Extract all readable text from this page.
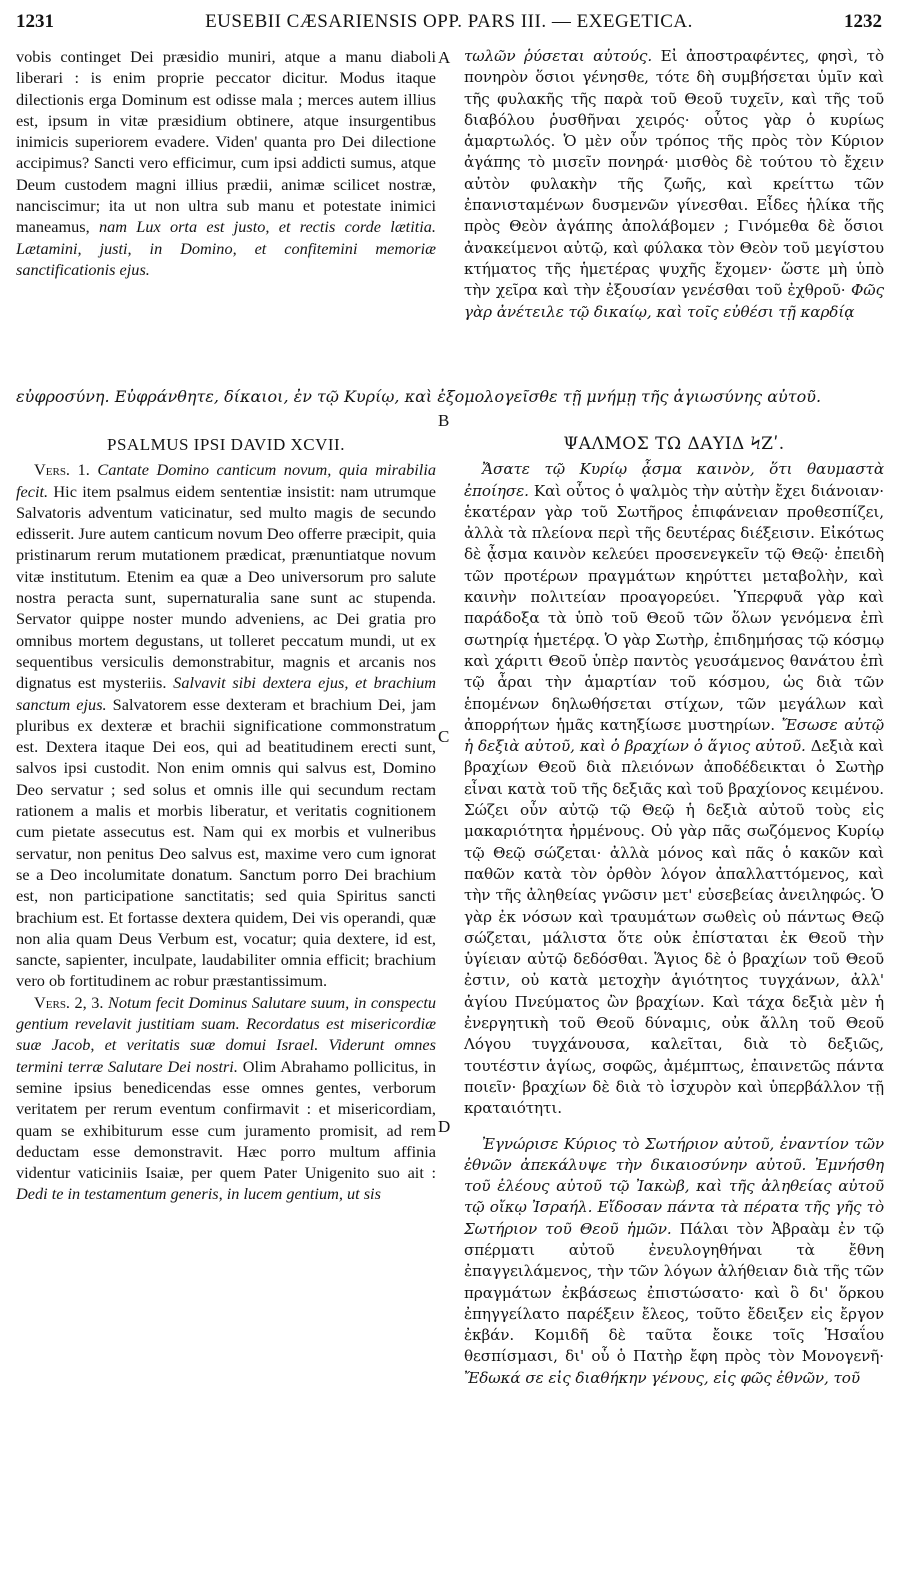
1231	EUSEBII CÆSARIENSIS OPP. PARS III. — EXEGETICA.	1232
A
B
C
D

vobis continget Dei præsidio muniri, atque a manu diaboli liberari : is enim proprie peccator dicitur. Modus itaque dilectionis erga Dominum est odisse mala ; merces autem illius est, ipsum in vitæ præsidium obtinere, atque insurgentibus inimicis superiorem evadere. Viden' quanta pro Dei dilectione accipimus? Sancti vero efficimur, cum ipsi addicti sumus, atque Deum custodem magni illius prædii, animæ scilicet nostræ, nanciscimur; ita ut non ultra sub manu et potestate inimici maneamus, nam Lux orta est justo, et rectis corde lætitia. Lætamini, justi, in Domino, et confitemini memoriæ sanctificationis ejus.

τωλῶν ῥύσεται αὐτούς. Εἰ ἀποστραφέντες, φησὶ, τὸ πονηρὸν ὅσιοι γένησθε, τότε δὴ συμβήσεται ὑμῖν καὶ τῆς φυλακῆς τῆς παρὰ τοῦ Θεοῦ τυχεῖν, καὶ τῆς τοῦ διαβόλου ῥυσθῆναι χειρός· οὗτος γὰρ ὁ κυρίως ἁμαρτωλός. Ὁ μὲν οὖν τρόπος τῆς πρὸς τὸν Κύριον ἀγάπης τὸ μισεῖν πονηρά· μισθὸς δὲ τούτου τὸ ἔχειν αὐτὸν φυλακὴν τῆς ζωῆς, καὶ κρείττω τῶν ἐπανισταμένων δυσμενῶν γίνεσθαι. Εἶδες ἡλίκα τῆς πρὸς Θεὸν ἀγάπης ἀπολάβομεν ; Γινόμεθα δὲ ὅσιοι ἀνακείμενοι αὐτῷ, καὶ φύλακα τὸν Θεὸν τοῦ μεγίστου κτήματος τῆς ἡμετέρας ψυχῆς ἔχομεν· ὥστε μὴ ὑπὸ τὴν χεῖρα καὶ τὴν ἐξουσίαν γενέσθαι τοῦ ἐχθροῦ· Φῶς γὰρ ἀνέτειλε τῷ δικαίῳ, καὶ τοῖς εὐθέσι τῇ καρδίᾳ

εὐφροσύνη. Εὐφράνθητε, δίκαιοι, ἐν τῷ Κυρίῳ, καὶ ἐξομολογεῖσθε τῇ μνήμῃ τῆς ἁγιωσύνης αὐτοῦ.

PSALMUS IPSI DAVID XCVII.

Vers. 1. Cantate Domino canticum novum, quia mirabilia fecit. Hic item psalmus eidem sententiæ insistit: nam utrumque Salvatoris adventum vaticinatur, sed multo magis de secundo edisserit. Jure autem canticum novum Deo offerre præcipit, quia pristinarum rerum mutationem prædicat, prænuntiatque novum vitæ institutum. Etenim ea quæ a Deo universorum pro salute nostra peracta sunt, supernaturalia sane sunt ac stupenda. Servator quippe noster mundo adveniens, ac Dei gratia pro omnibus mortem degustans, ut tolleret peccatum mundi, ut ex sequentibus versiculis demonstrabitur, magnis et arcanis nos dignatus est mysteriis. Salvavit sibi dextera ejus, et brachium sanctum ejus. Salvatorem esse dexteram et brachium Dei, jam pluribus ex dexteræ et brachii significatione commonstratum est. Dextera itaque Dei eos, qui ad beatitudinem erecti sunt, salvos ipsi custodit. Non enim omnis qui salvus est, Domino Deo servatur ; sed solus et omnis ille qui secundum rectam rationem a malis et morbis liberatur, et veritatis cognitionem cum pietate assecutus est. Nam qui ex morbis et vulneribus servatur, non penitus Deo salvus est, maxime vero cum ignorat se a Deo incolumitate donatum. Sanctum porro Dei brachium est, non participatione sanctitatis; sed quia Spiritus sancti brachium est. Et fortasse dextera quidem, Dei vis operandi, quæ non alia quam Deus Verbum est, vocatur; quia dextere, id est, sancte, sapienter, inculpate, laudabiliter omnia efficit; brachium vero ob fortitudinem ac robur præstantissimum.

Vers. 2, 3. Notum fecit Dominus Salutare suum, in conspectu gentium revelavit justitiam suam. Recordatus est misericordiæ suæ Jacob, et veritatis suæ domui Israel. Viderunt omnes termini terræ Salutare Dei nostri. Olim Abrahamo pollicitus, in semine ipsius benedicendas esse omnes gentes, verborum veritatem per rerum eventum confirmavit : et misericordiam, quam se exhibiturum esse cum juramento promisit, ad rem deductam esse demonstravit. Hæc porro multum affinia videntur vaticiniis Isaiæ, per quem Pater Unigenito suo ait : Dedi te in testamentum generis, in lucem gentium, ut sis

ΨΑΛΜΟΣ ΤΩ ΔΑΥΙΔ ϞΖʹ.

Ἄσατε τῷ Κυρίῳ ᾆσμα καινὸν, ὅτι θαυμαστὰ ἐποίησε. Καὶ οὗτος ὁ ψαλμὸς τὴν αὐτὴν ἔχει διάνοιαν· ἑκατέραν γὰρ τοῦ Σωτῆρος ἐπιφάνειαν προθεσπίζει, ἀλλὰ τὰ πλείονα περὶ τῆς δευτέρας διέξεισιν. Εἰκότως δὲ ᾆσμα καινὸν κελεύει προσενεγκεῖν τῷ Θεῷ· ἐπειδὴ τῶν προτέρων πραγμάτων κηρύττει μεταβολὴν, καὶ καινὴν πολιτείαν προαγορεύει. Ὑπερφυᾶ γὰρ καὶ παράδοξα τὰ ὑπὸ τοῦ Θεοῦ τῶν ὅλων γενόμενα ἐπὶ σωτηρίᾳ ἡμετέρᾳ. Ὁ γὰρ Σωτὴρ, ἐπιδημήσας τῷ κόσμῳ καὶ χάριτι Θεοῦ ὑπὲρ παντὸς γευσάμενος θανάτου ἐπὶ τῷ ἆραι τὴν ἁμαρτίαν τοῦ κόσμου, ὡς διὰ τῶν ἑπομένων δηλωθήσεται στίχων, τῶν μεγάλων καὶ ἀπορρήτων ἡμᾶς κατηξίωσε μυστηρίων. Ἔσωσε αὐτῷ ἡ δεξιὰ αὐτοῦ, καὶ ὁ βραχίων ὁ ἅγιος αὐτοῦ. Δεξιὰ καὶ βραχίων Θεοῦ διὰ πλειόνων ἀποδέδεικται ὁ Σωτὴρ εἶναι κατὰ τοῦ τῆς δεξιᾶς καὶ τοῦ βραχίονος κειμένου. Σώζει οὖν αὐτῷ τῷ Θεῷ ἡ δεξιὰ αὐτοῦ τοὺς εἰς μακαριότητα ἠρμένους. Οὐ γὰρ πᾶς σωζόμενος Κυρίῳ τῷ Θεῷ σώζεται· ἀλλὰ μόνος καὶ πᾶς ὁ κακῶν καὶ παθῶν κατὰ τὸν ὀρθὸν λόγον ἀπαλλαττόμενος, καὶ τὴν τῆς ἀληθείας γνῶσιν μετ' εὐσεβείας ἀνειληφώς. Ὁ γὰρ ἐκ νόσων καὶ τραυμάτων σωθεὶς οὐ πάντως Θεῷ σώζεται, μάλιστα ὅτε οὐκ ἐπίσταται ἐκ Θεοῦ τὴν ὑγίειαν αὐτῷ δεδόσθαι. Ἅγιος δὲ ὁ βραχίων τοῦ Θεοῦ ἐστιν, οὐ κατὰ μετοχὴν ἁγιότητος τυγχάνων, ἀλλ' ἁγίου Πνεύματος ὢν βραχίων. Καὶ τάχα δεξιὰ μὲν ἡ ἐνεργητικὴ τοῦ Θεοῦ δύναμις, οὐκ ἄλλη τοῦ Θεοῦ Λόγου τυγχάνουσα, καλεῖται, διὰ τὸ δεξιῶς, τουτέστιν ἁγίως, σοφῶς, ἀμέμπτως, ἐπαινετῶς πάντα ποιεῖν· βραχίων δὲ διὰ τὸ ἰσχυρὸν καὶ ὑπερβάλλον τῇ κραταιότητι.

Ἐγνώρισε Κύριος τὸ Σωτήριον αὐτοῦ, ἐναντίον τῶν ἐθνῶν ἀπεκάλυψε τὴν δικαιοσύνην αὐτοῦ. Ἐμνήσθη τοῦ ἐλέους αὐτοῦ τῷ Ἰακὼβ, καὶ τῆς ἀληθείας αὐτοῦ τῷ οἴκῳ Ἰσραήλ. Εἴδοσαν πάντα τὰ πέρατα τῆς γῆς τὸ Σωτήριον τοῦ Θεοῦ ἡμῶν. Πάλαι τὸν Ἀβραὰμ ἐν τῷ σπέρματι αὐτοῦ ἐνευλογηθήναι τὰ ἔθνη ἐπαγγειλάμενος, τὴν τῶν λόγων ἀλήθειαν διὰ τῆς τῶν πραγμάτων ἐκβάσεως ἐπιστώσατο· καὶ ὃ δι' ὅρκου ἐπηγγείλατο παρέξειν ἔλεος, τοῦτο ἔδειξεν εἰς ἔργον ἐκβάν. Κομιδῆ δὲ ταῦτα ἔοικε τοῖς Ἡσαΐου θεσπίσμασι, δι' οὗ ὁ Πατὴρ ἔφη πρὸς τὸν Μονογενῆ· Ἔδωκά σε εἰς διαθήκην γένους, εἰς φῶς ἐθνῶν, τοῦ
